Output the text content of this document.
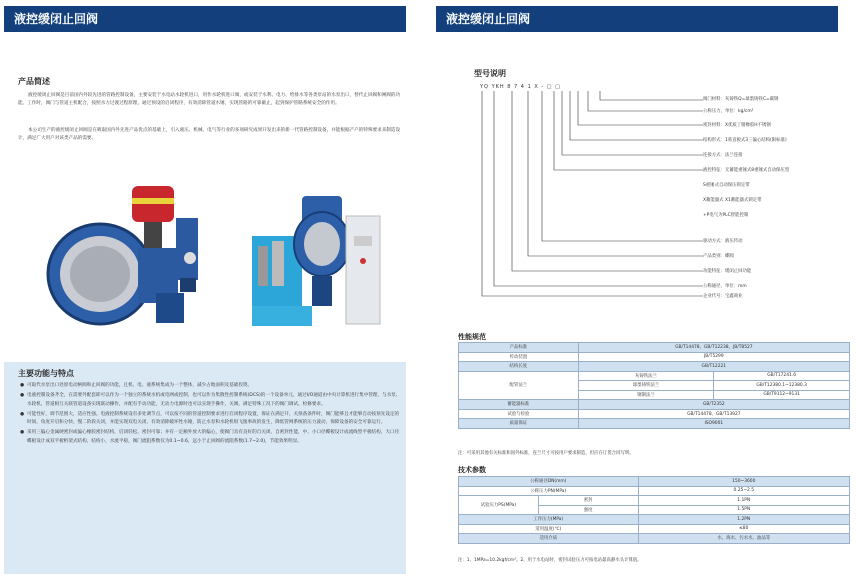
液控缓闭止回阀
产品简述
液控缓闭止回阀是目前国内外较先进的管路控制设备，主要安装于水电站水轮机进口，用作水轮机进口阀，或安装于水利、电力、给排水等各类泵站的水泵出口，替代止回阀和闸阀的功能。工作时，阀门与管道主机配合，按照水力过渡过程原理，通过预设的启闭程序，有效消除管道水锤，实现管路的可靠截止，起到保护管路系统安全的作用。
本公司生产的液控缓闭止回阀是在吸取国内外先进产品优点的基础上，引入液压、机械、电气等行业的多项研究成果开发出来的新一代管路控制设备，并能根据产户的特殊要求来制造设计，满足广大用户对该类产品的需要。
主要功能与特点
● 可取代水泵出口处原电动闸阀和止回阀的功能，且机、电、液系统集成为一个整体，减少占地面积及基础投资。
● 电液控制设备齐全，在需要外配套即可以作为一个独立的系统水机或电网或控制，也可以作为集散性控制系统(DCS)的一个设备单元，通过I/O通道由中央计算机进行集中管理，与水泵、水轮机、管道相互关联管道设备实现联动操作，并配有手动功能，无动力电源时也可以实现手操作，关阀，满足特殊工况下的阀门调试、检修要求。
● 可能性好，调节范围大，适应性强。电液控制系统设有多处调节点，可以按不同的管道控制要求进行启闭程序设置，保证在满足开、关预备条件时，阀门能够且才能够自动按预先设定的时间、角度开启和分快、慢二阶段关闭，并能实现双电关闭，有效消除破坏性水锤，防止水泵和水轮机组飞逸事故的发生，降低管网系统的压力波动，保障设备的安全可靠运行。
● 采用三偏心金属硬密封或偏心橡胶密封结构，启闭轻松，密封可靠；并有一定额外放大的偏心，使阀门具有良好的自关闭、自密封性能，中、小口径蝶板设计成流线型平板结构，大口径蝶板设计成双平板桁架式结构，结构小，水流平稳，阀门流阻系数仅为0.1~0.6，远小于止回阀的流阻系数(1.7~2.0)，节能效果明显。
液控缓闭止回阀
型号说明
YQ YKH 8 7 4 1 X - □ □
阀门材料：灰铸铁Q=球墨铸铁C=碳钢
公称压力，单位：kg/cm²
密封材料：X优质丁腈橡胶H不锈钢
结构形式：1垂直板式3三偏心结构(限标准)
连接方式：法兰连接
液控特征：无蓄能重锤式8重锤式自动保压型
S重锤式自动保压锁定带
X蓄能器式 X1蓄能器式锁定带
+P电气为PLC智能控制
驱动方式：液压传动
产品类别：蝶阀
功能特征：缓闭止回功能
公称通径，单位：mm
企业代号：宝鑫商业
性能规范
产品标准	GB/T14478、GB/T12238、JB/T8527	
传动装置	JB/T5299	
结构长度	GB/T12221	
配管法兰	灰铸铁法兰	GB/T17241.6
	球墨铸铁法兰	GB/T12380.1~12380.3
	钢制法兰	GB/T9112~9131
蓄能器标准	GB/T2352	
试验与检验	GB/T14478、GB/T13927	
质量保证	ISO9001	
注：可采用其他有关标准和国外标准，连兰尺寸可按用户要求制造，但应在订货合同写明。
技术参数
公称通径DN(mm)		150~3600
公称压力PN(MPa)		0.25~2.5
试验压力PS(MPa)	密封	1.1PN
	强度	1.5PN
工作压力(MPa)		1.2PN
适用温度(℃)		≤80
适用介质		水、海水、污水水、油品等
注：1、1MPa=10.2kgf/cm²。2、用于水电站时，密封试验压力可按电站最高静水头计算值。
